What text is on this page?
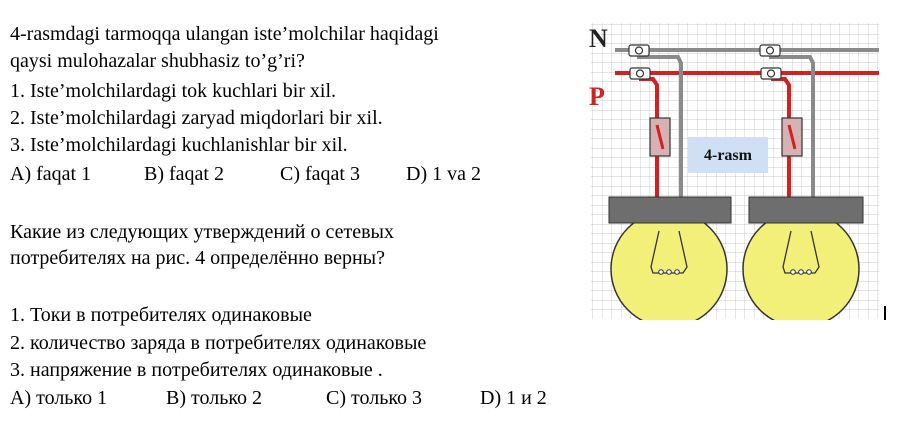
4-rasmdagi tarmoqqa ulangan iste’molchilar haqidagi
qaysi mulohazalar shubhasiz to’g’ri?
1. Iste’molchilardagi tok kuchlari bir xil.
2. Iste’molchilardagi zaryad miqdorlari bir xil.
3. Iste’molchilardagi kuchlanishlar bir xil.
A) faqat 1	B) faqat 2	C) faqat 3 D) 1 va 2
Какие из следующих утверждений о сетевых
потребителях на рис. 4 определённо верны?
1. Токи в потребителях одинаковые
2. количество заряда в потребителях одинаковые
3. напряжение в потребителях одинаковые .
A) только 1	B) только 2	C) только 3	D) 1 и 2
N
P
4-rasm
